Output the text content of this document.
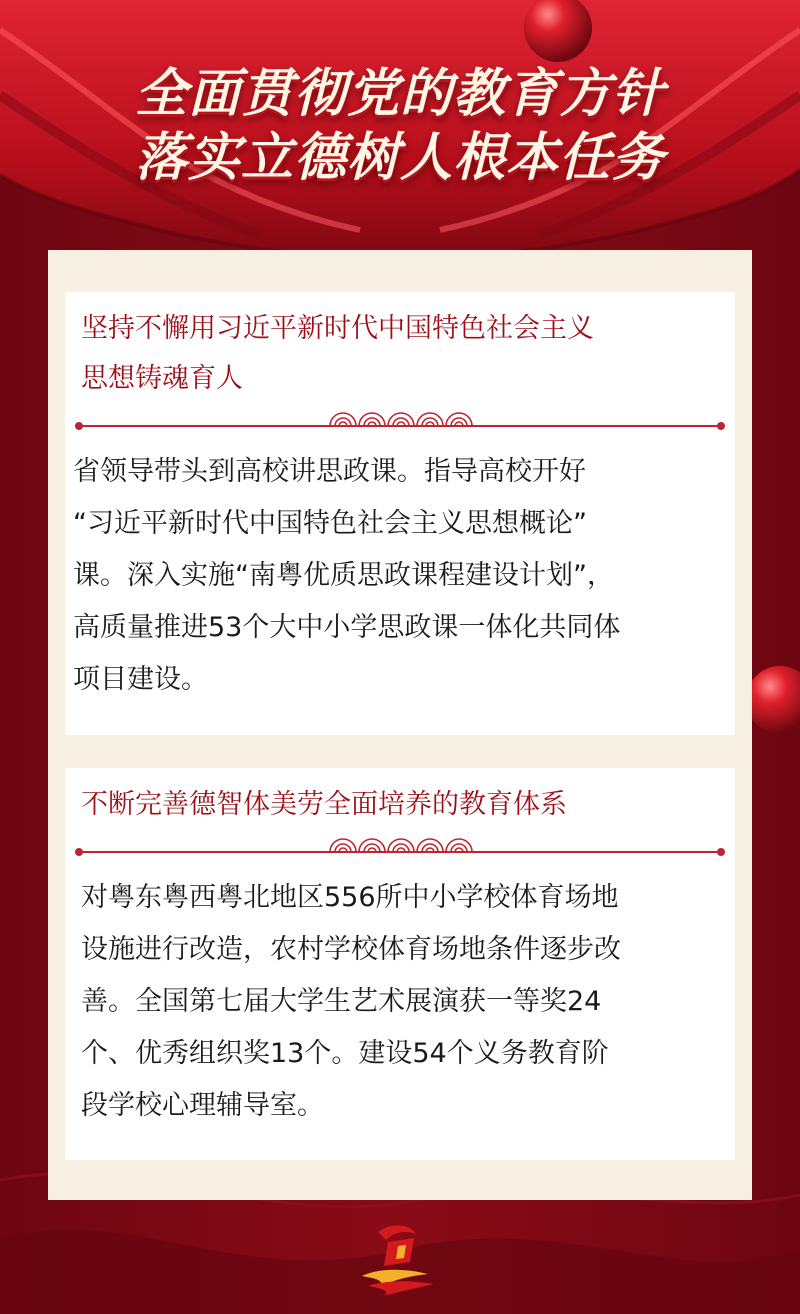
全面贯彻党的教育方针
落实立德树人根本任务
坚持不懈用习近平新时代中国特色社会主义
思想铸魂育人
省领导带头到高校讲思政课。指导高校开好
“习近平新时代中国特色社会主义思想概论”
课。深入实施“南粤优质思政课程建设计划”，
高质量推进53个大中小学思政课一体化共同体
项目建设。
不断完善德智体美劳全面培养的教育体系
对粤东粤西粤北地区556所中小学校体育场地
设施进行改造，农村学校体育场地条件逐步改
善。全国第七届大学生艺术展演获一等奖24
个、优秀组织奖13个。建设54个义务教育阶
段学校心理辅导室。
